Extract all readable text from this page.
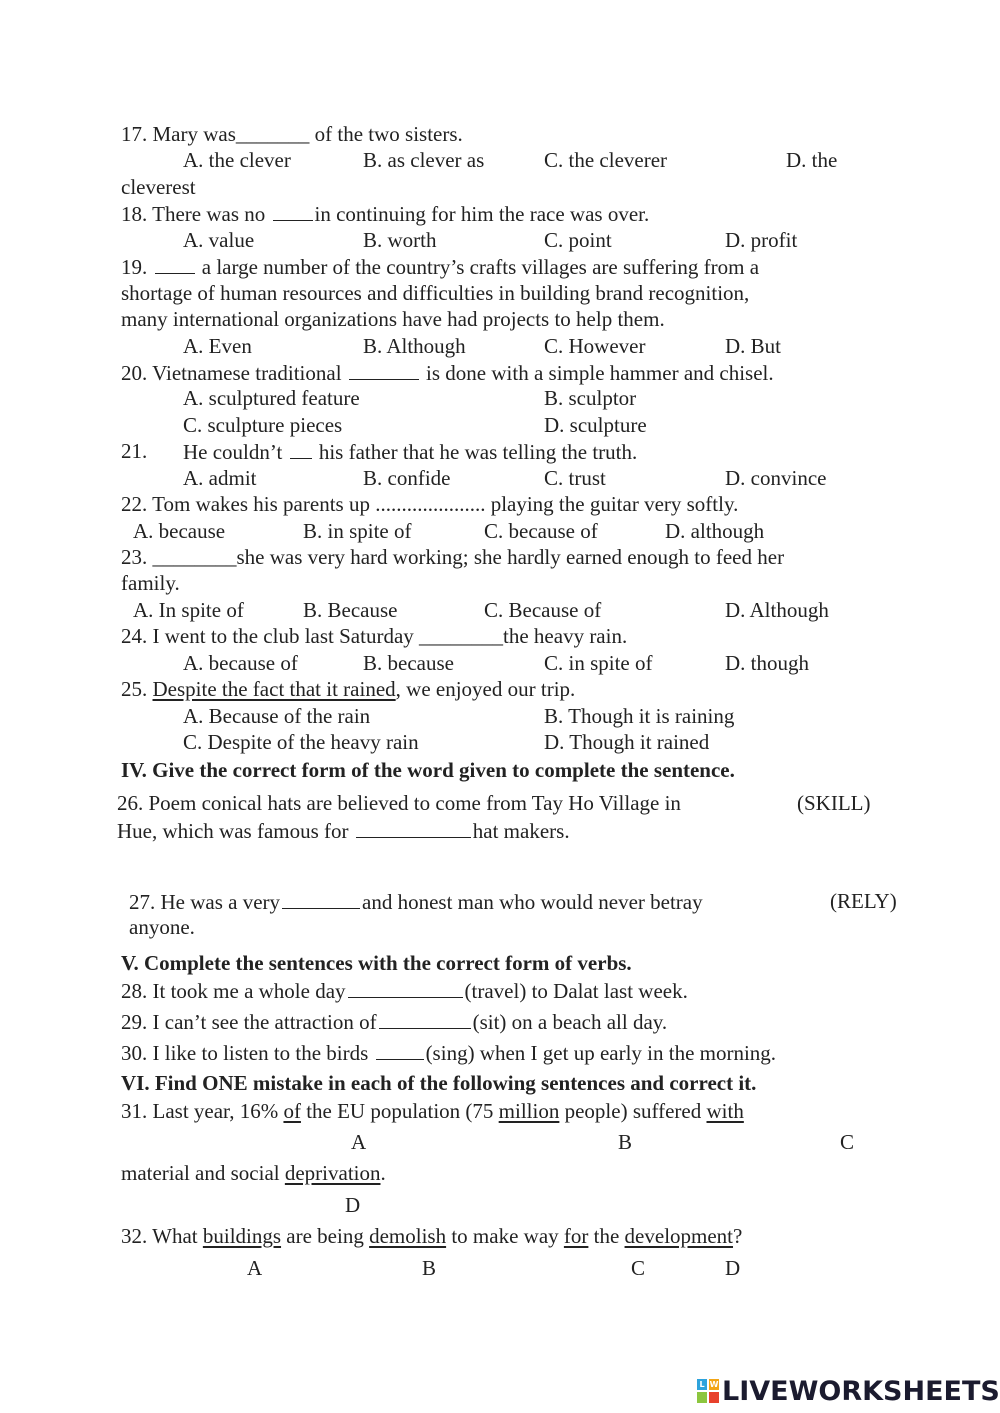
17. Mary was_______ of the two sisters.
A. the clever	B. as clever as	C. the cleverer	D. the
cleverest
18. There was no in continuing for him the race was over.
A. value	B. worth	C. point	D. profit
19.  a large number of the country’s crafts villages are suffering from a
shortage of human resources and difficulties in building brand recognition,
many international organizations have had projects to help them.
A. Even	B. Although	C. However	D. But
20. Vietnamese traditional	is done with a simple hammer and chisel.
A. sculptured feature	B. sculptor
C. sculpture pieces	D. sculpture
21. He couldn’t  his father that he was telling the truth.
A. admit	B. confide	C. trust	D. convince
22. Tom wakes his parents up ..................... playing the guitar very softly.
A. because	B. in spite of	C. because of	D. although
23. ________she was very hard working; she hardly earned enough to feed her
family.
A. In spite of	B. Because	C. Because of	D. Although
24. I went to the club last Saturday ________the heavy rain.
A. because of	B. because	C. in spite of	D. though
25. Despite the fact that it rained, we enjoyed our trip.
A. Because of the rain	B. Though it is raining
C. Despite of the heavy rain	D. Though it rained
IV. Give the correct form of the word given to complete the sentence.
26. Poem conical hats are believed to come from Tay Ho Village in	(SKILL)
Hue, which was famous for	hat makers.
27. He was a very	and honest man who would never betray	(RELY)
anyone.
V. Complete the sentences with the correct form of verbs.
28. It took me a whole day	(travel) to Dalat last week.
29. I can’t see the attraction of	(sit) on a beach all day.
30. I like to listen to the birds (sing) when I get up early in the morning.
VI. Find ONE mistake in each of the following sentences and correct it.
31. Last year, 16% of the EU population (75 million people) suffered with
A	B	C
material and social deprivation.
D
32. What buildings are being demolish to make way for the development?
A	B	C	D
L W LIVEWORKSHEETS
